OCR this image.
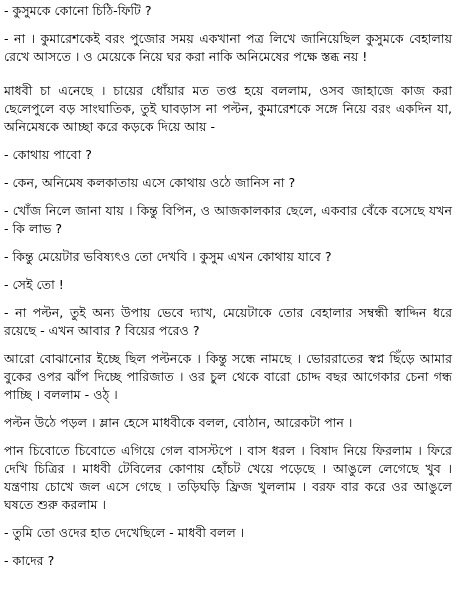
- কুসুমকে কোনো চিঠি-ফিটি ?

- না । কুমারেশকেই বরং পুজোর সময় একখানা পত্র লিখে জানিয়েছিল কুসুমকে বেহালায় রেখে আসতে । ও মেয়েকে নিয়ে ঘর করা নাকি অনিমেষের পক্ষে স্তব্ধ নয় !

মাধবী চা এনেছে । চায়ের ধোঁয়ার মত তপ্ত হয়ে বললাম, ওসব জাহাজে কাজ করা ছেলেপুলে বড় সাংঘাতিক, তুই ঘাবড়াস না পল্টন, কুমারেশকে সঙ্গে নিয়ে বরং একদিন যা, অনিমেষকে আচ্ছা করে কড়কে দিয়ে আয় -

- কোথায় পাবো ?

- কেন, অনিমেষ কলকাতায় এসে কোথায় ওঠে জানিস না ?

- খোঁজ নিলে জানা যায় । কিন্তু বিপিন, ও আজকালকার ছেলে, একবার বেঁকে বসেছে যখন - কি লাভ ?

- কিন্তু মেয়েটার ভবিষ্যৎও তো দেখবি । কুসুম এখন কোথায় যাবে ?

- সেই তো !

- না পল্টন, তুই অন্য উপায় ভেবে দ্যাখ, মেয়েটাকে তোর বেহালার সম্বন্ধী স্বাদ্দিন ধরে রয়েছে - এখন আবার ? বিয়ের পরেও ?

আরো বোঝানোর ইচ্ছে ছিল পল্টনকে । কিন্তু সন্ধে নামছে । ভোররাতের স্বপ্ন ছিঁড়ে আমার বুকের ওপর ঝাঁপ দিচ্ছে পারিজাত । ওর চুল থেকে বারো চোদ্দ বছর আগেকার চেনা গন্ধ পাচ্ছি । বললাম - ওঠ্ ।

পল্টন উঠে পড়ল । ম্লান হেসে মাধবীকে বলল, বোঠান, আরেকটা পান ।

পান চিবোতে চিবোতে এগিয়ে গেল বাসস্টপে । বাস ধরল । বিষাদ নিয়ে ফিরলাম । ফিরে দেখি চিত্রির । মাধবী টেবিলের কোণায় হোঁচট খেয়ে পড়েছে । আঙুলে লেগেছে খুব । যন্ত্রণায় চোখে জল এসে গেছে । তড়িঘড়ি ফ্রিজ খুললাম । বরফ বার করে ওর আঙুলে ঘষতে শুরু করলাম ।

- তুমি তো ওদের হাত দেখেছিলে - মাধবী বলল ।

- কাদের ?
